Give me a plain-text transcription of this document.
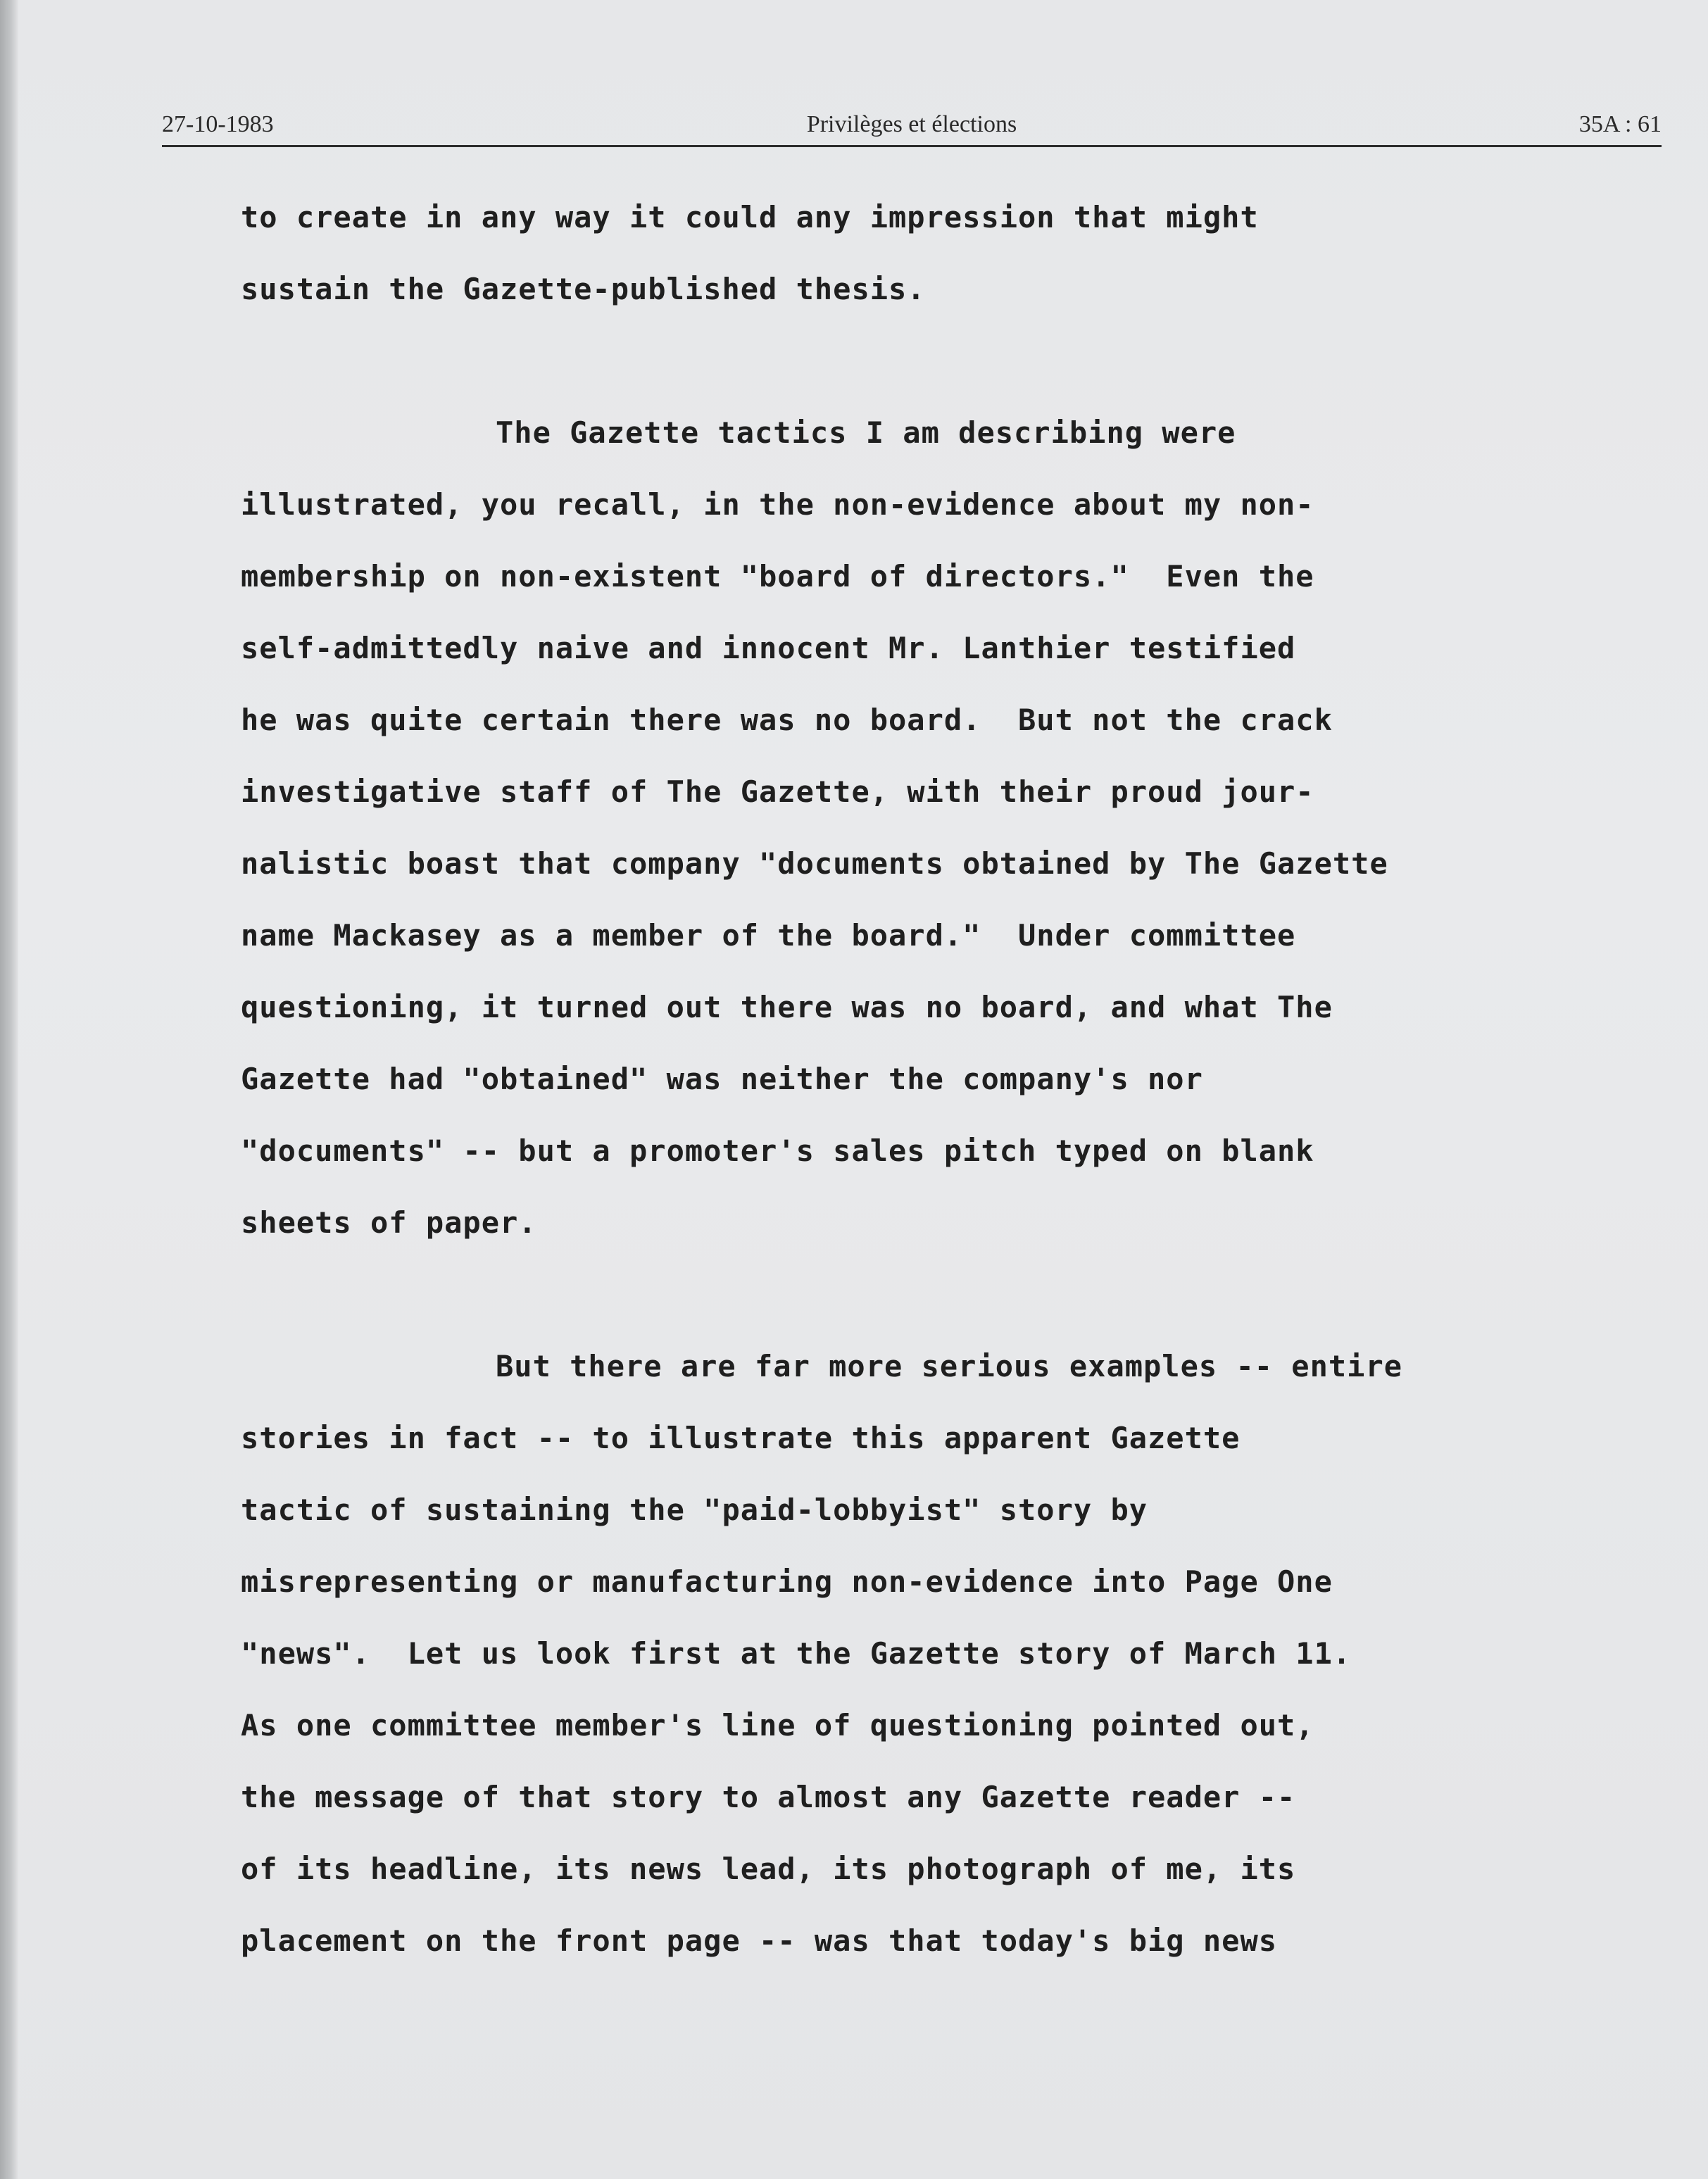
27-10-1983	Privilèges et élections	35A : 61
to create in any way it could any impression that might
sustain the Gazette-published thesis.
The Gazette tactics I am describing were
illustrated, you recall, in the non-evidence about my non-
membership on non-existent "board of directors."  Even the
self-admittedly naive and innocent Mr. Lanthier testified
he was quite certain there was no board.  But not the crack
investigative staff of The Gazette, with their proud jour-
nalistic boast that company "documents obtained by The Gazette
name Mackasey as a member of the board."  Under committee
questioning, it turned out there was no board, and what The
Gazette had "obtained" was neither the company's nor
"documents" -- but a promoter's sales pitch typed on blank
sheets of paper.
But there are far more serious examples -- entire
stories in fact -- to illustrate this apparent Gazette
tactic of sustaining the "paid-lobbyist" story by
misrepresenting or manufacturing non-evidence into Page One
"news".  Let us look first at the Gazette story of March 11.
As one committee member's line of questioning pointed out,
the message of that story to almost any Gazette reader --
of its headline, its news lead, its photograph of me, its
placement on the front page -- was that today's big news
